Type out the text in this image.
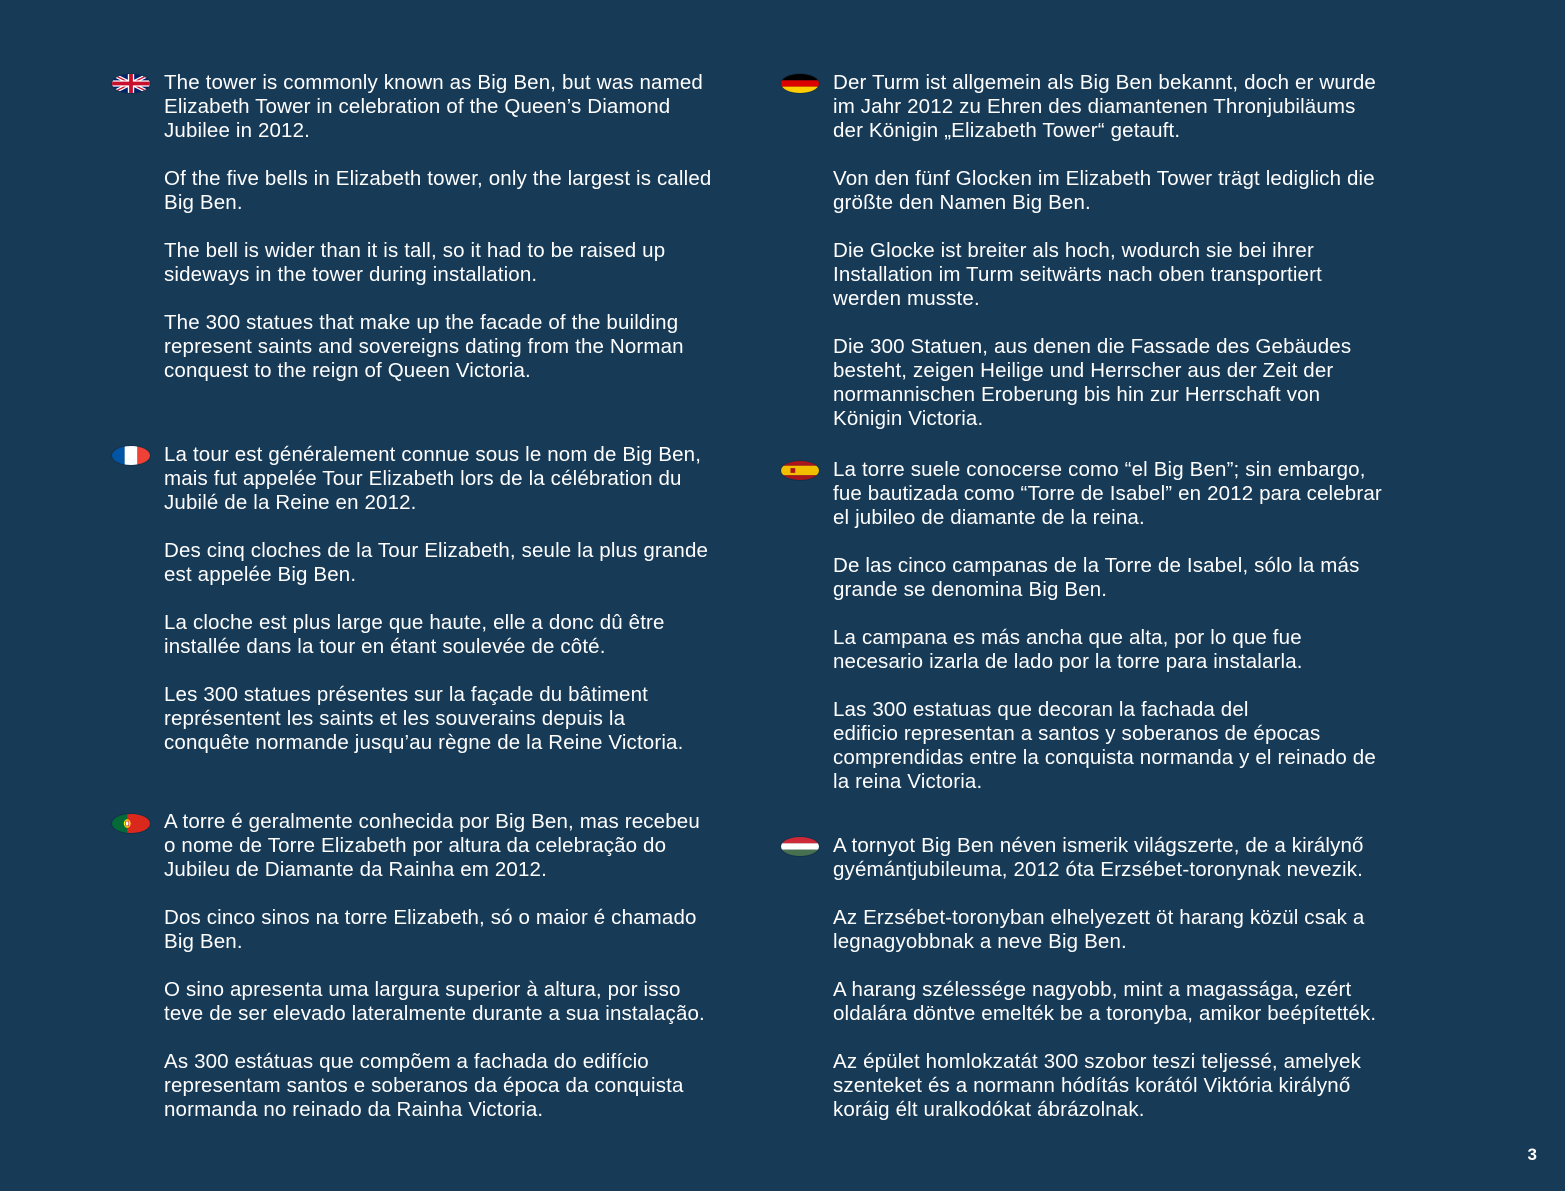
The tower is commonly known as Big Ben, but was named
Elizabeth Tower in celebration of the Queen’s Diamond
Jubilee in 2012.

Of the five bells in Elizabeth tower, only the largest is called
Big Ben.

The bell is wider than it is tall, so it had to be raised up
sideways in the tower during installation.

The 300 statues that make up the facade of the building
represent saints and sovereigns dating from the Norman
conquest to the reign of Queen Victoria.

La tour est généralement connue sous le nom de Big Ben,
mais fut appelée Tour Elizabeth lors de la célébration du
Jubilé de la Reine en 2012.

Des cinq cloches de la Tour Elizabeth, seule la plus grande
est appelée Big Ben.

La cloche est plus large que haute, elle a donc dû être
installée dans la tour en étant soulevée de côté.

Les 300 statues présentes sur la façade du bâtiment
représentent les saints et les souverains depuis la
conquête normande jusqu’au règne de la Reine Victoria.

A torre é geralmente conhecida por Big Ben, mas recebeu
o nome de Torre Elizabeth por altura da celebração do
Jubileu de Diamante da Rainha em 2012.

Dos cinco sinos na torre Elizabeth, só o maior é chamado
Big Ben.

O sino apresenta uma largura superior à altura, por isso
teve de ser elevado lateralmente durante a sua instalação.

As 300 estátuas que compõem a fachada do edifício
representam santos e soberanos da época da conquista
normanda no reinado da Rainha Victoria.

Der Turm ist allgemein als Big Ben bekannt, doch er wurde
im Jahr 2012 zu Ehren des diamantenen Thronjubiläums
der Königin „Elizabeth Tower“ getauft.

Von den fünf Glocken im Elizabeth Tower trägt lediglich die
größte den Namen Big Ben.

Die Glocke ist breiter als hoch, wodurch sie bei ihrer
Installation im Turm seitwärts nach oben transportiert
werden musste.

Die 300 Statuen, aus denen die Fassade des Gebäudes
besteht, zeigen Heilige und Herrscher aus der Zeit der
normannischen Eroberung bis hin zur Herrschaft von
Königin Victoria.

La torre suele conocerse como “el Big Ben”; sin embargo,
fue bautizada como “Torre de Isabel” en 2012 para celebrar
el jubileo de diamante de la reina.

De las cinco campanas de la Torre de Isabel, sólo la más
grande se denomina Big Ben.

La campana es más ancha que alta, por lo que fue
necesario izarla de lado por la torre para instalarla.

Las 300 estatuas que decoran la fachada del
edificio representan a santos y soberanos de épocas
comprendidas entre la conquista normanda y el reinado de
la reina Victoria.

A tornyot Big Ben néven ismerik világszerte, de a királynő
gyémántjubileuma, 2012 óta Erzsébet-toronynak nevezik.

Az Erzsébet-toronyban elhelyezett öt harang közül csak a
legnagyobbnak a neve Big Ben.

A harang szélessége nagyobb, mint a magassága, ezért
oldalára döntve emelték be a toronyba, amikor beépítették.

Az épület homlokzatát 300 szobor teszi teljessé, amelyek
szenteket és a normann hódítás korától Viktória királynő
koráig élt uralkodókat ábrázolnak.

3
